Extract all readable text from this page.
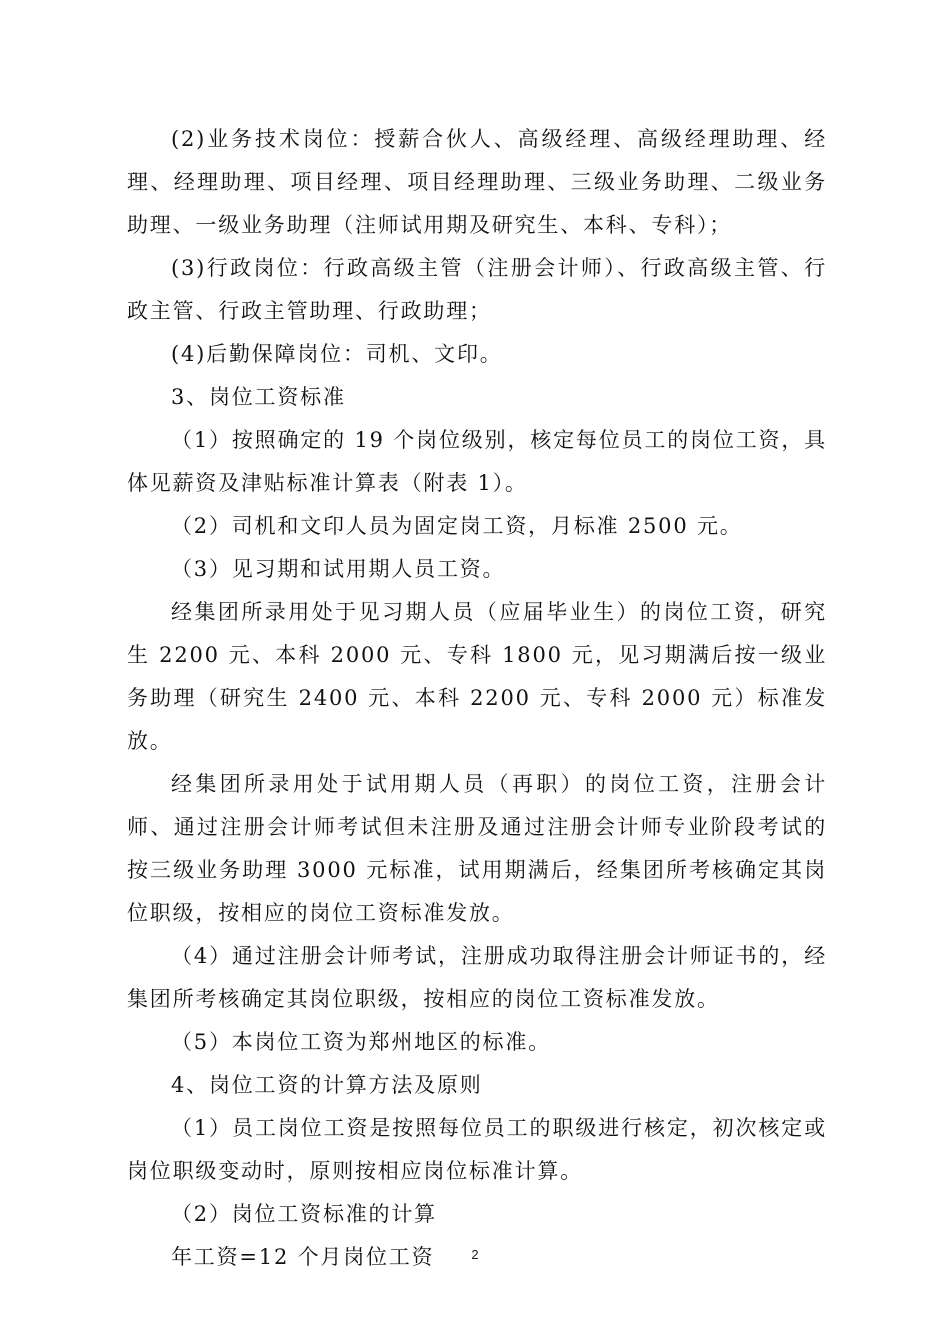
(2)业务技术岗位：授薪合伙人、高级经理、高级经理助理、经理、经理助理、项目经理、项目经理助理、三级业务助理、二级业务助理、一级业务助理（注师试用期及研究生、本科、专科）；

(3)行政岗位：行政高级主管（注册会计师）、行政高级主管、行政主管、行政主管助理、行政助理；

(4)后勤保障岗位：司机、文印。

3、岗位工资标准

（1）按照确定的 19 个岗位级别，核定每位员工的岗位工资，具体见薪资及津贴标准计算表（附表 1）。

（2）司机和文印人员为固定岗工资，月标准 2500 元。

（3）见习期和试用期人员工资。

经集团所录用处于见习期人员（应届毕业生）的岗位工资，研究生 2200 元、本科 2000 元、专科 1800 元，见习期满后按一级业务助理（研究生 2400 元、本科 2200 元、专科 2000 元）标准发放。

经集团所录用处于试用期人员（再职）的岗位工资，注册会计师、通过注册会计师考试但未注册及通过注册会计师专业阶段考试的按三级业务助理 3000 元标准，试用期满后，经集团所考核确定其岗位职级，按相应的岗位工资标准发放。

（4）通过注册会计师考试，注册成功取得注册会计师证书的，经集团所考核确定其岗位职级，按相应的岗位工资标准发放。

（5）本岗位工资为郑州地区的标准。

4、岗位工资的计算方法及原则

（1）员工岗位工资是按照每位员工的职级进行核定，初次核定或岗位职级变动时，原则按相应岗位标准计算。

（2）岗位工资标准的计算

年工资=12 个月岗位工资	2
